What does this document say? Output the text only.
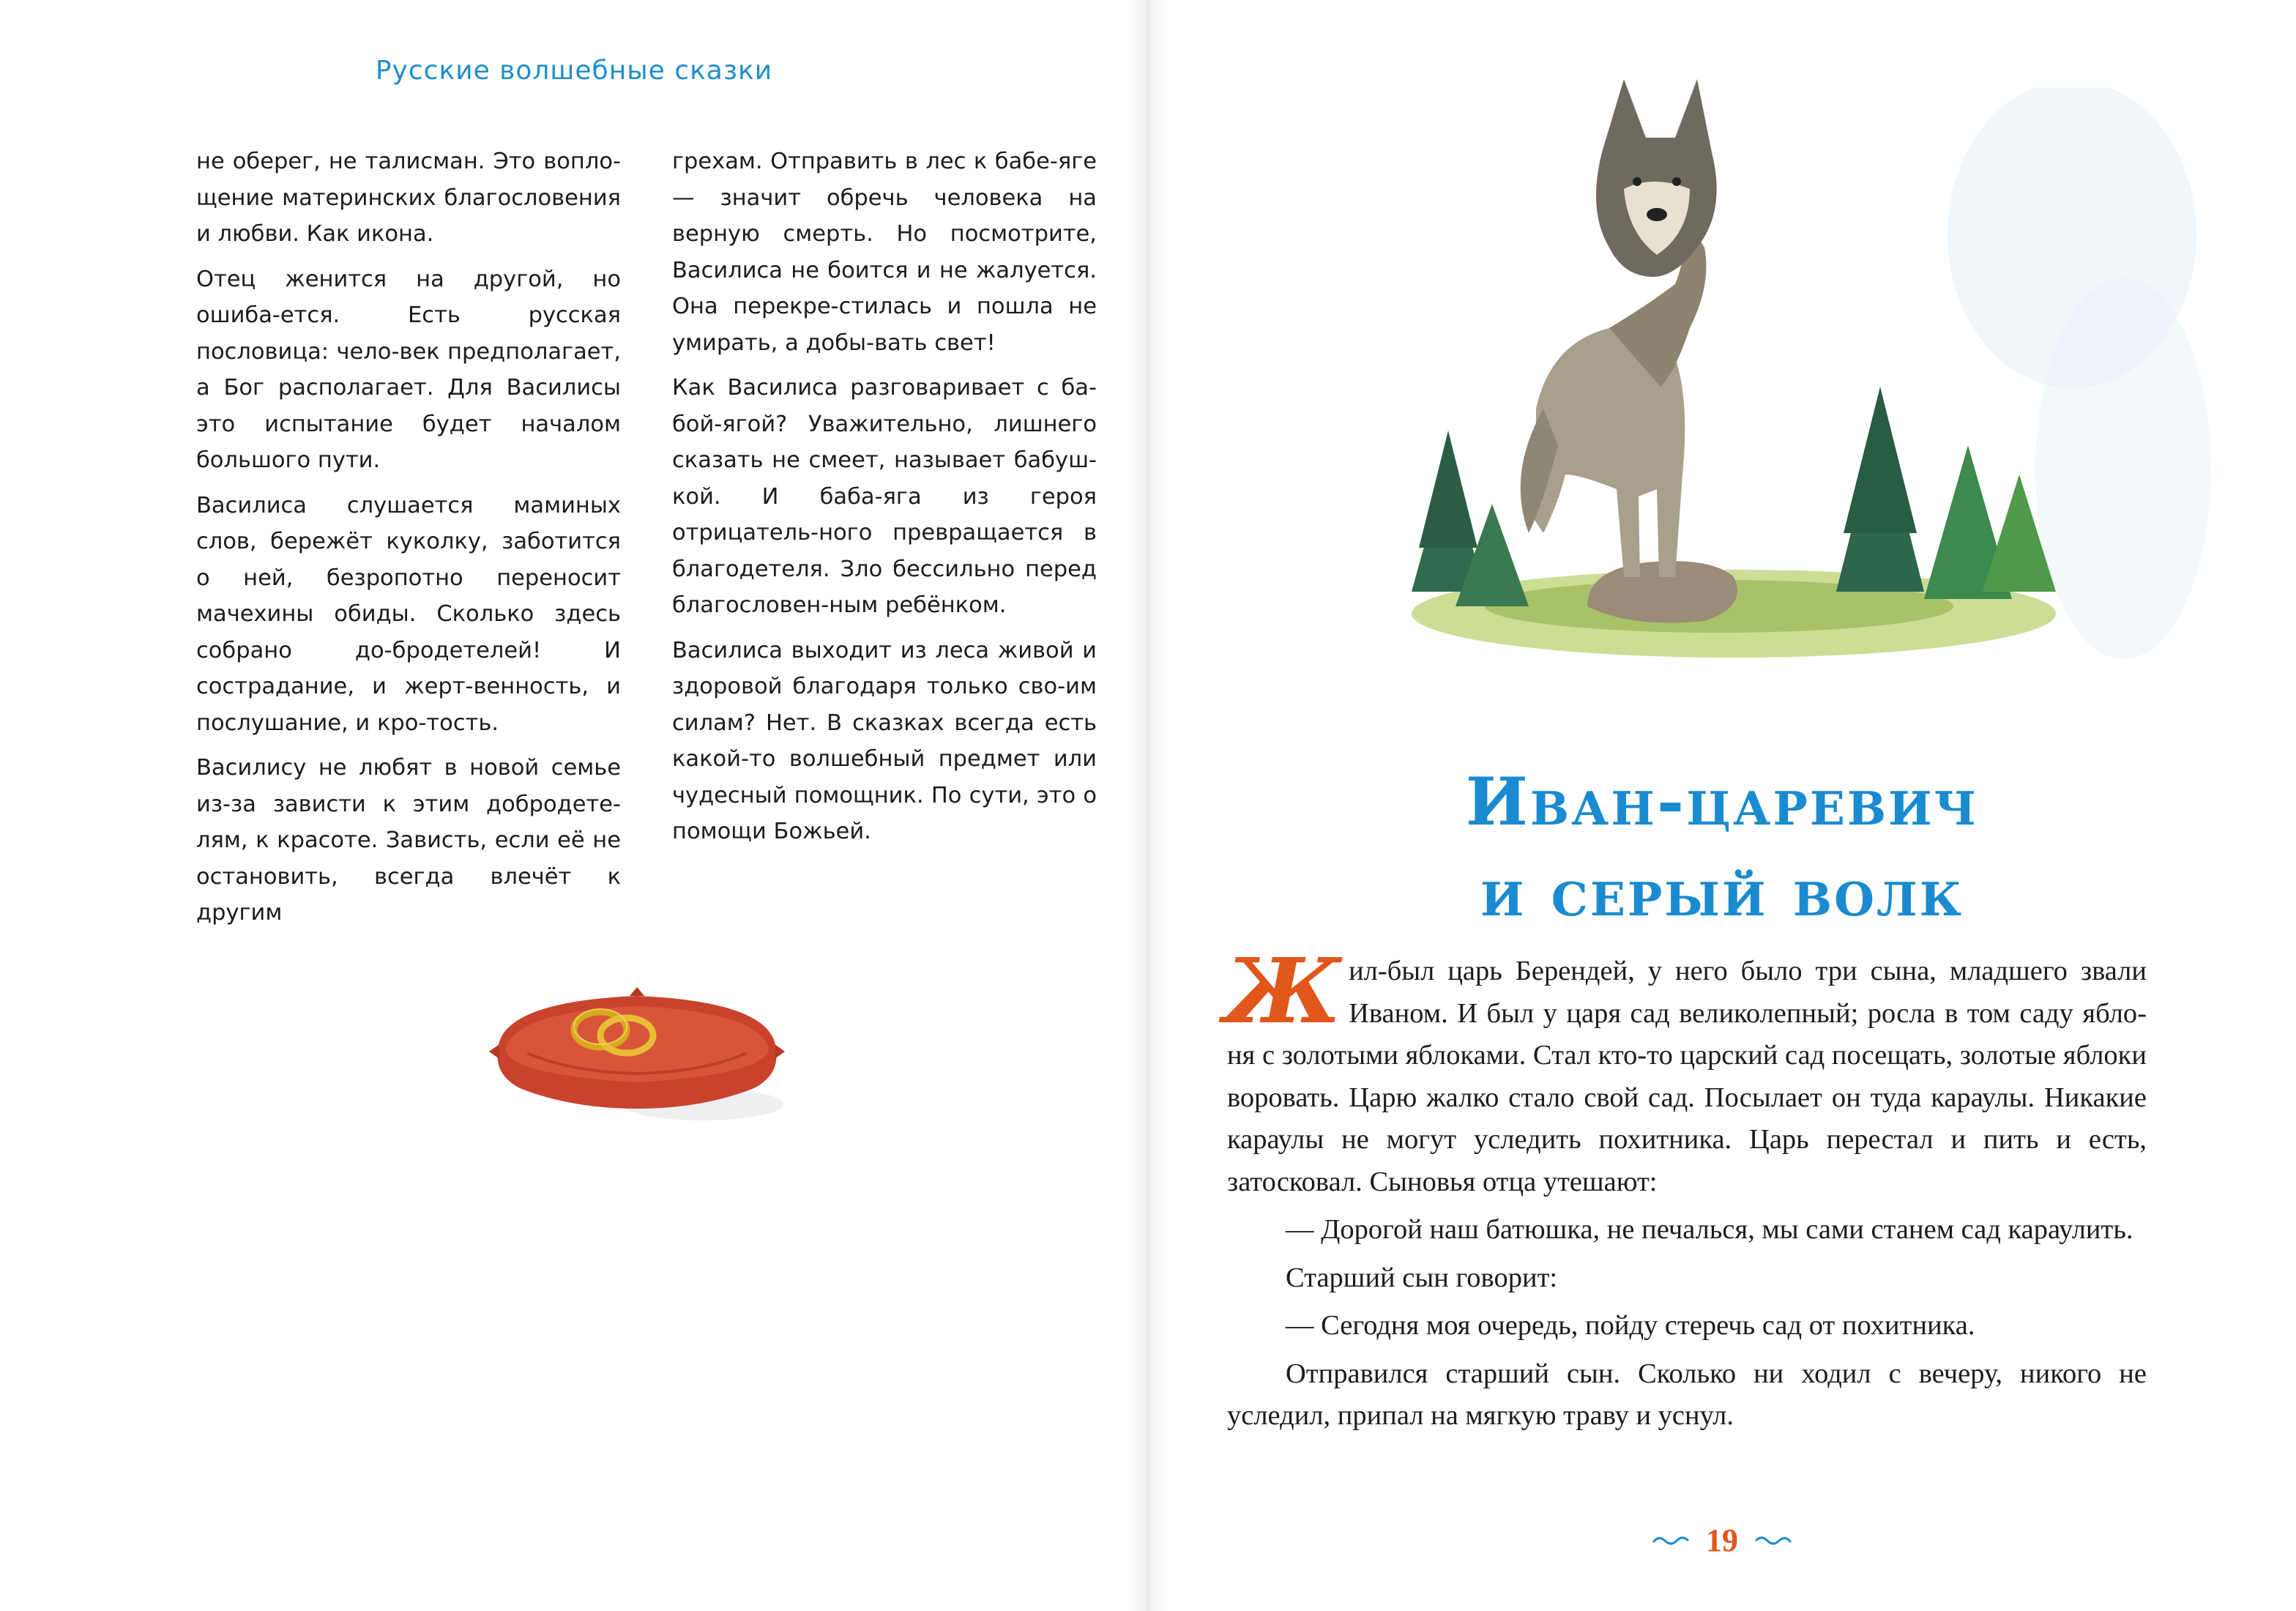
Русские волшебные сказки

не оберег, не талисман. Это вопло-щение материнских благословения и любви. Как икона.

Отец женится на другой, но ошиба-ется. Есть русская пословица: чело-век предполагает, а Бог располагает. Для Василисы это испытание будет началом большого пути.

Василиса слушается маминых слов, бережёт куколку, заботится о ней, безропотно переносит мачехины обиды. Сколько здесь собрано до-бродетелей! И сострадание, и жерт-венность, и послушание, и кро-тость.

Василису не любят в новой семье из-за зависти к этим добродете-лям, к красоте. Зависть, если её не остановить, всегда влечёт к другим

грехам. Отправить в лес к бабе-яге — значит обречь человека на верную смерть. Но посмотрите, Василиса не боится и не жалуется. Она перекре-стилась и пошла не умирать, а добы-вать свет!

Как Василиса разговаривает с ба-бой-ягой? Уважительно, лишнего сказать не смеет, называет бабуш-кой. И баба-яга из героя отрицатель-ного превращается в благодетеля. Зло бессильно перед благословен-ным ребёнком.

Василиса выходит из леса живой и здоровой благодаря только сво-им силам? Нет. В сказках всегда есть какой-то волшебный предмет или чудесный помощник. По сути, это о помощи Божьей.	Иван-царевич
и серый волк

Жил-был царь Берендей, у него было три сына, младшего звали Иваном. И был у царя сад великолепный; росла в том саду ябло-ня с золотыми яблоками. Стал кто-то царский сад посещать, золотые яблоки воровать. Царю жалко стало свой сад. Посылает он туда караулы. Никакие караулы не могут уследить похитника. Царь перестал и пить и есть, затосковал. Сыновья отца утешают:

— Дорогой наш батюшка, не печалься, мы сами станем сад караулить.

Старший сын говорит:

— Сегодня моя очередь, пойду стеречь сад от похитника.

Отправился старший сын. Сколько ни ходил с вечеру, никого не уследил, припал на мягкую траву и уснул.

19
